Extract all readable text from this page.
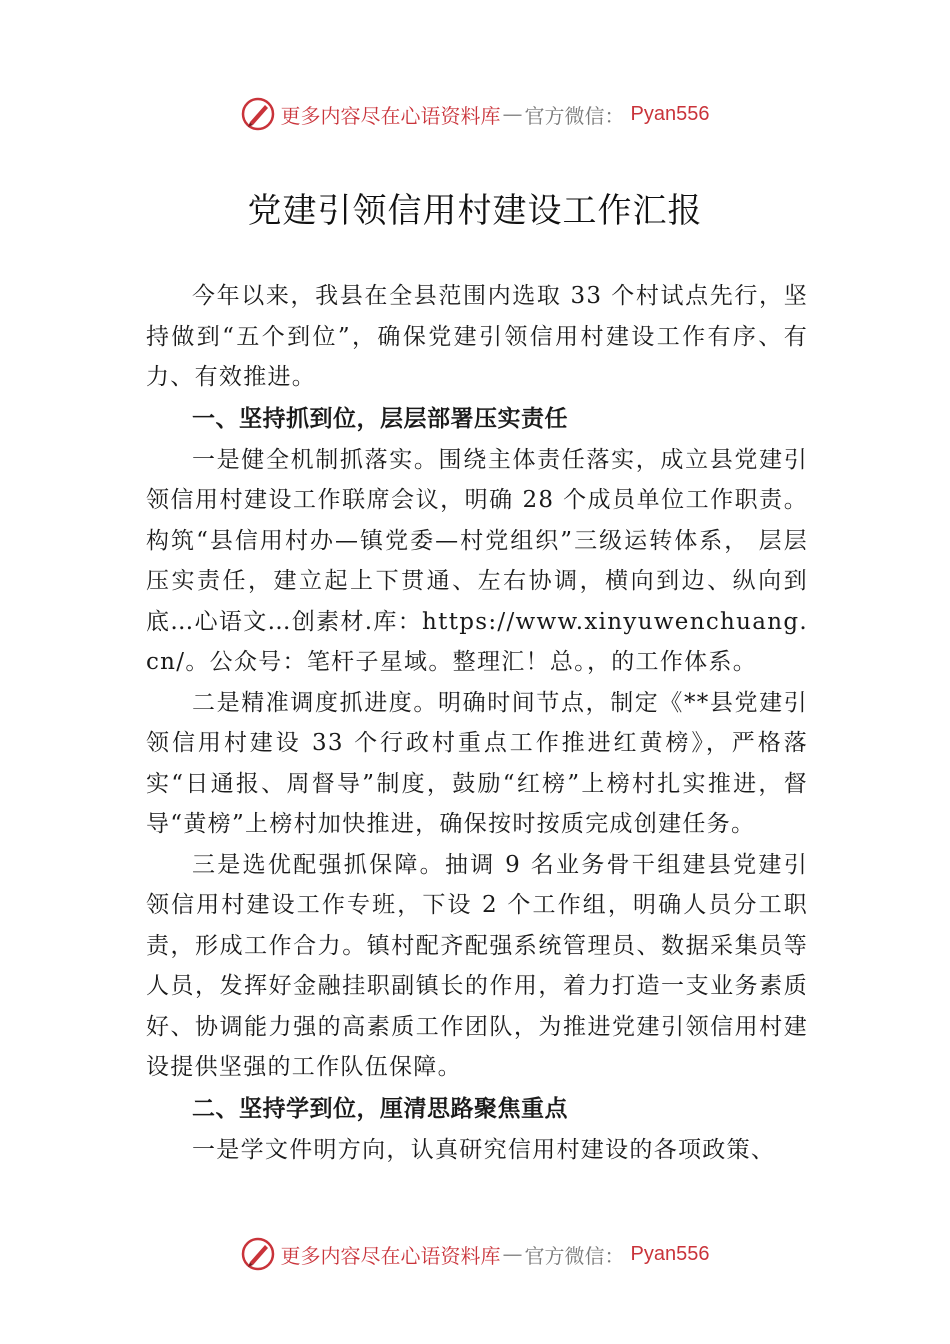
更多内容尽在心语资料库 — 官方微信： Pyan556
党建引领信用村建设工作汇报

今年以来，我县在全县范围内选取 33 个村试点先行，坚持做到“五个到位”，确保党建引领信用村建设工作有序、有力、有效推进。

一、坚持抓到位，层层部署压实责任

一是健全机制抓落实。围绕主体责任落实，成立县党建引领信用村建设工作联席会议，明确 28 个成员单位工作职责。构筑“县信用村办—镇党委—村党组织”三级运转体系， 层层压实责任，建立起上下贯通、左右协调，横向到边、纵向到底…心语文…创素材.库：https://www.xinyuwenchuang.cn/。公众号：笔杆子星域。整理汇！总。，的工作体系。

二是精准调度抓进度。明确时间节点，制定《**县党建引领信用村建设 33 个行政村重点工作推进红黄榜》，严格落实“日通报、周督导”制度，鼓励“红榜”上榜村扎实推进，督导“黄榜”上榜村加快推进，确保按时按质完成创建任务。

三是选优配强抓保障。抽调 9 名业务骨干组建县党建引领信用村建设工作专班，下设 2 个工作组，明确人员分工职责，形成工作合力。镇村配齐配强系统管理员、数据采集员等人员，发挥好金融挂职副镇长的作用，着力打造一支业务素质好、协调能力强的高素质工作团队，为推进党建引领信用村建设提供坚强的工作队伍保障。

二、坚持学到位，厘清思路聚焦重点

一是学文件明方向，认真研究信用村建设的各项政策、

更多内容尽在心语资料库 — 官方微信： Pyan556
